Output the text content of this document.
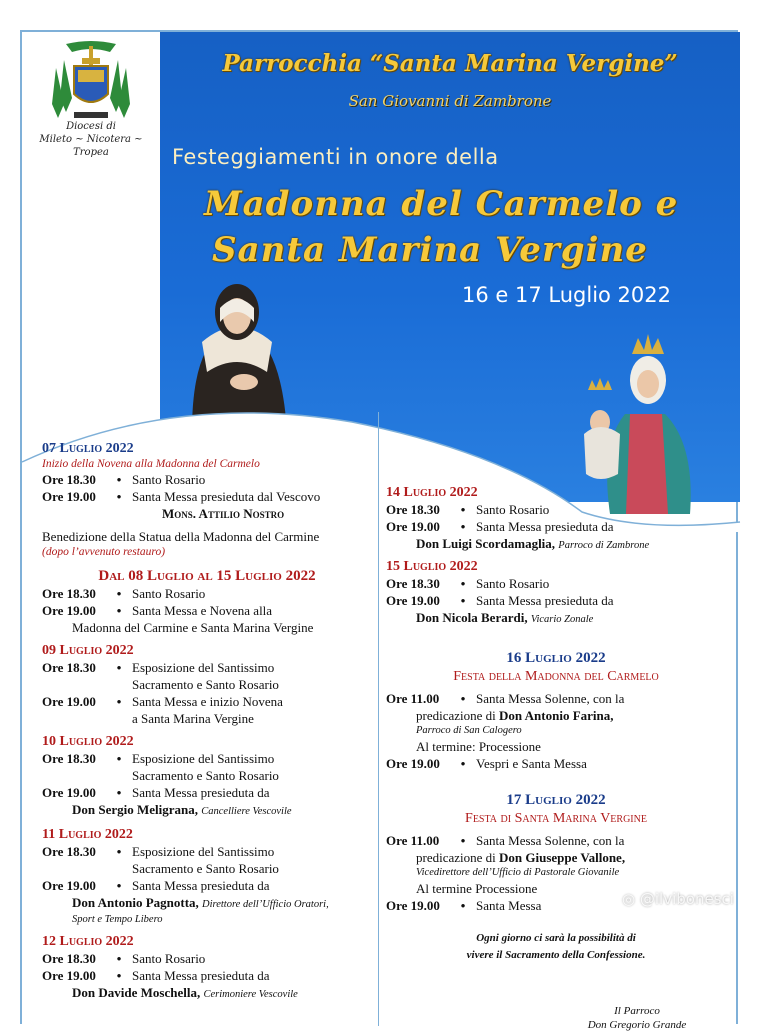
Diocesi di
Mileto ~ Nicotera ~ Tropea
Parrocchia “Santa Marina Vergine”
San Giovanni di Zambrone
Festeggiamenti in onore della
Madonna del Carmelo e
Santa Marina Vergine
16 e 17 Luglio 2022
07 Luglio 2022
Inizio della Novena alla Madonna del Carmelo
Ore 18.30	• Santo Rosario
Ore 19.00	• Santa Messa presieduta dal Vescovo
Mons. Attilio Nostro
Benedizione della Statua della Madonna del Carmine
(dopo l’avvenuto restauro)
Dal 08 Luglio al 15 Luglio 2022
Ore 18.30	• Santo Rosario
Ore 19.00	• Santa Messa e Novena alla
Madonna del Carmine e Santa Marina Vergine
09 Luglio 2022
Ore 18.30	• Esposizione del Santissimo
Sacramento e Santo Rosario
Ore 19.00	• Santa Messa e inizio Novena
a Santa Marina Vergine
10 Luglio 2022
Ore 18.30	• Esposizione del Santissimo
Sacramento e Santo Rosario
Ore 19.00	• Santa Messa presieduta da
Don Sergio Meligrana, Cancelliere Vescovile
11 Luglio 2022
Ore 18.30	• Esposizione del Santissimo
Sacramento e Santo Rosario
Ore 19.00	• Santa Messa presieduta da
Don Antonio Pagnotta, Direttore dell’Ufficio Oratori,
Sport e Tempo Libero
12 Luglio 2022
Ore 18.30	• Santo Rosario
Ore 19.00	• Santa Messa presieduta da
Don Davide Moschella, Cerimoniere Vescovile
14 Luglio 2022
Ore 18.30	• Santo Rosario
Ore 19.00	• Santa Messa presieduta da
Don Luigi Scordamaglia, Parroco di Zambrone
15 Luglio 2022
Ore 18.30	• Santo Rosario
Ore 19.00	• Santa Messa presieduta da
Don Nicola Berardi, Vicario Zonale
16 Luglio 2022
Festa della Madonna del Carmelo
Ore 11.00	• Santa Messa Solenne, con la
predicazione di Don Antonio Farina,
Parroco di San Calogero
Al termine: Processione
Ore 19.00	• Vespri e Santa Messa
17 Luglio 2022
Festa di Santa Marina Vergine
Ore 11.00	• Santa Messa Solenne, con la
predicazione di Don Giuseppe Vallone,
Vicedirettore dell’Ufficio di Pastorale Giovanile
Al termine Processione
Ore 19.00	• Santa Messa
Ogni giorno ci sarà la possibilità di
vivere il Sacramento della Confessione.
Il Parroco
Don Gregorio Grande
◎ @ilvibonesci
